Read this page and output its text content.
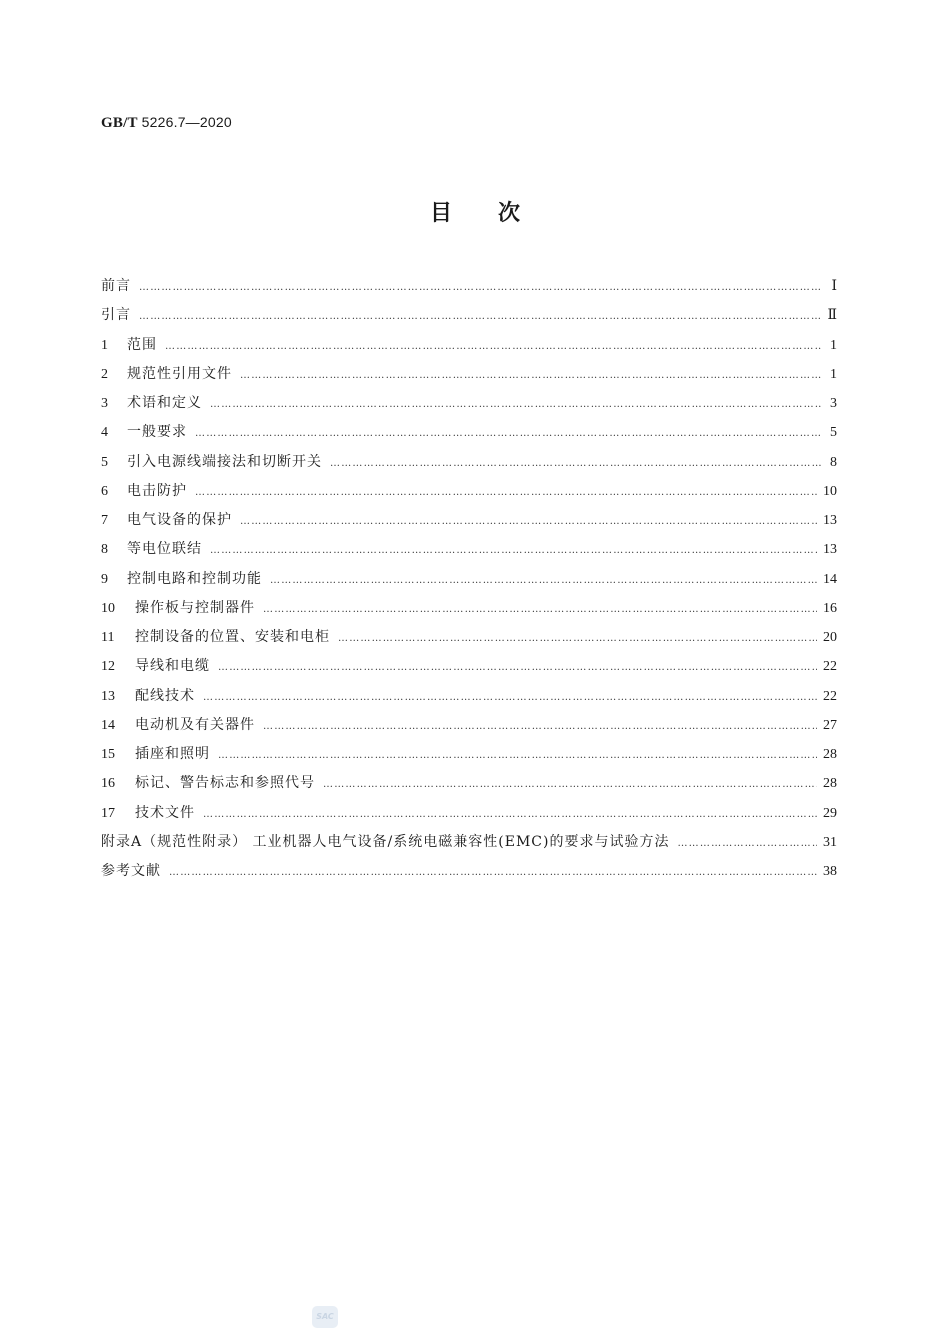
GB/T 5226.7—2020
目次
前言 ……………………………………………………………………………………………………………………………………………………………………………………………………	Ⅰ
引言 ……………………………………………………………………………………………………………………………………………………………………………………………………	Ⅱ
1	范围 ……………………………………………………………………………………………………………………………………………………………………………………………………	1
2	规范性引用文件 ……………………………………………………………………………………………………………………………………………………………………………………………………	1
3	术语和定义 ……………………………………………………………………………………………………………………………………………………………………………………………………	3
4	一般要求 ……………………………………………………………………………………………………………………………………………………………………………………………………	5
5	引入电源线端接法和切断开关 ……………………………………………………………………………………………………………………………………………………………………………………………………	8
6	电击防护 ……………………………………………………………………………………………………………………………………………………………………………………………………	10
7	电气设备的保护 ……………………………………………………………………………………………………………………………………………………………………………………………………	13
8	等电位联结 ……………………………………………………………………………………………………………………………………………………………………………………………………	13
9	控制电路和控制功能 ……………………………………………………………………………………………………………………………………………………………………………………………………	14
10	操作板与控制器件 ……………………………………………………………………………………………………………………………………………………………………………………………………	16
11	控制设备的位置、安装和电柜 ……………………………………………………………………………………………………………………………………………………………………………………………………	20
12	导线和电缆 ……………………………………………………………………………………………………………………………………………………………………………………………………	22
13	配线技术 ……………………………………………………………………………………………………………………………………………………………………………………………………	22
14	电动机及有关器件 ……………………………………………………………………………………………………………………………………………………………………………………………………	27
15	插座和照明 ……………………………………………………………………………………………………………………………………………………………………………………………………	28
16	标记、警告标志和参照代号 ……………………………………………………………………………………………………………………………………………………………………………………………………	28
17	技术文件 ……………………………………………………………………………………………………………………………………………………………………………………………………	29
附录A（规范性附录） 工业机器人电气设备/系统电磁兼容性(EMC)的要求与试验方法 ……………………………………………………………………………………………………………………………………………………………………………………………………	31
参考文献 ……………………………………………………………………………………………………………………………………………………………………………………………………	38
SAC
